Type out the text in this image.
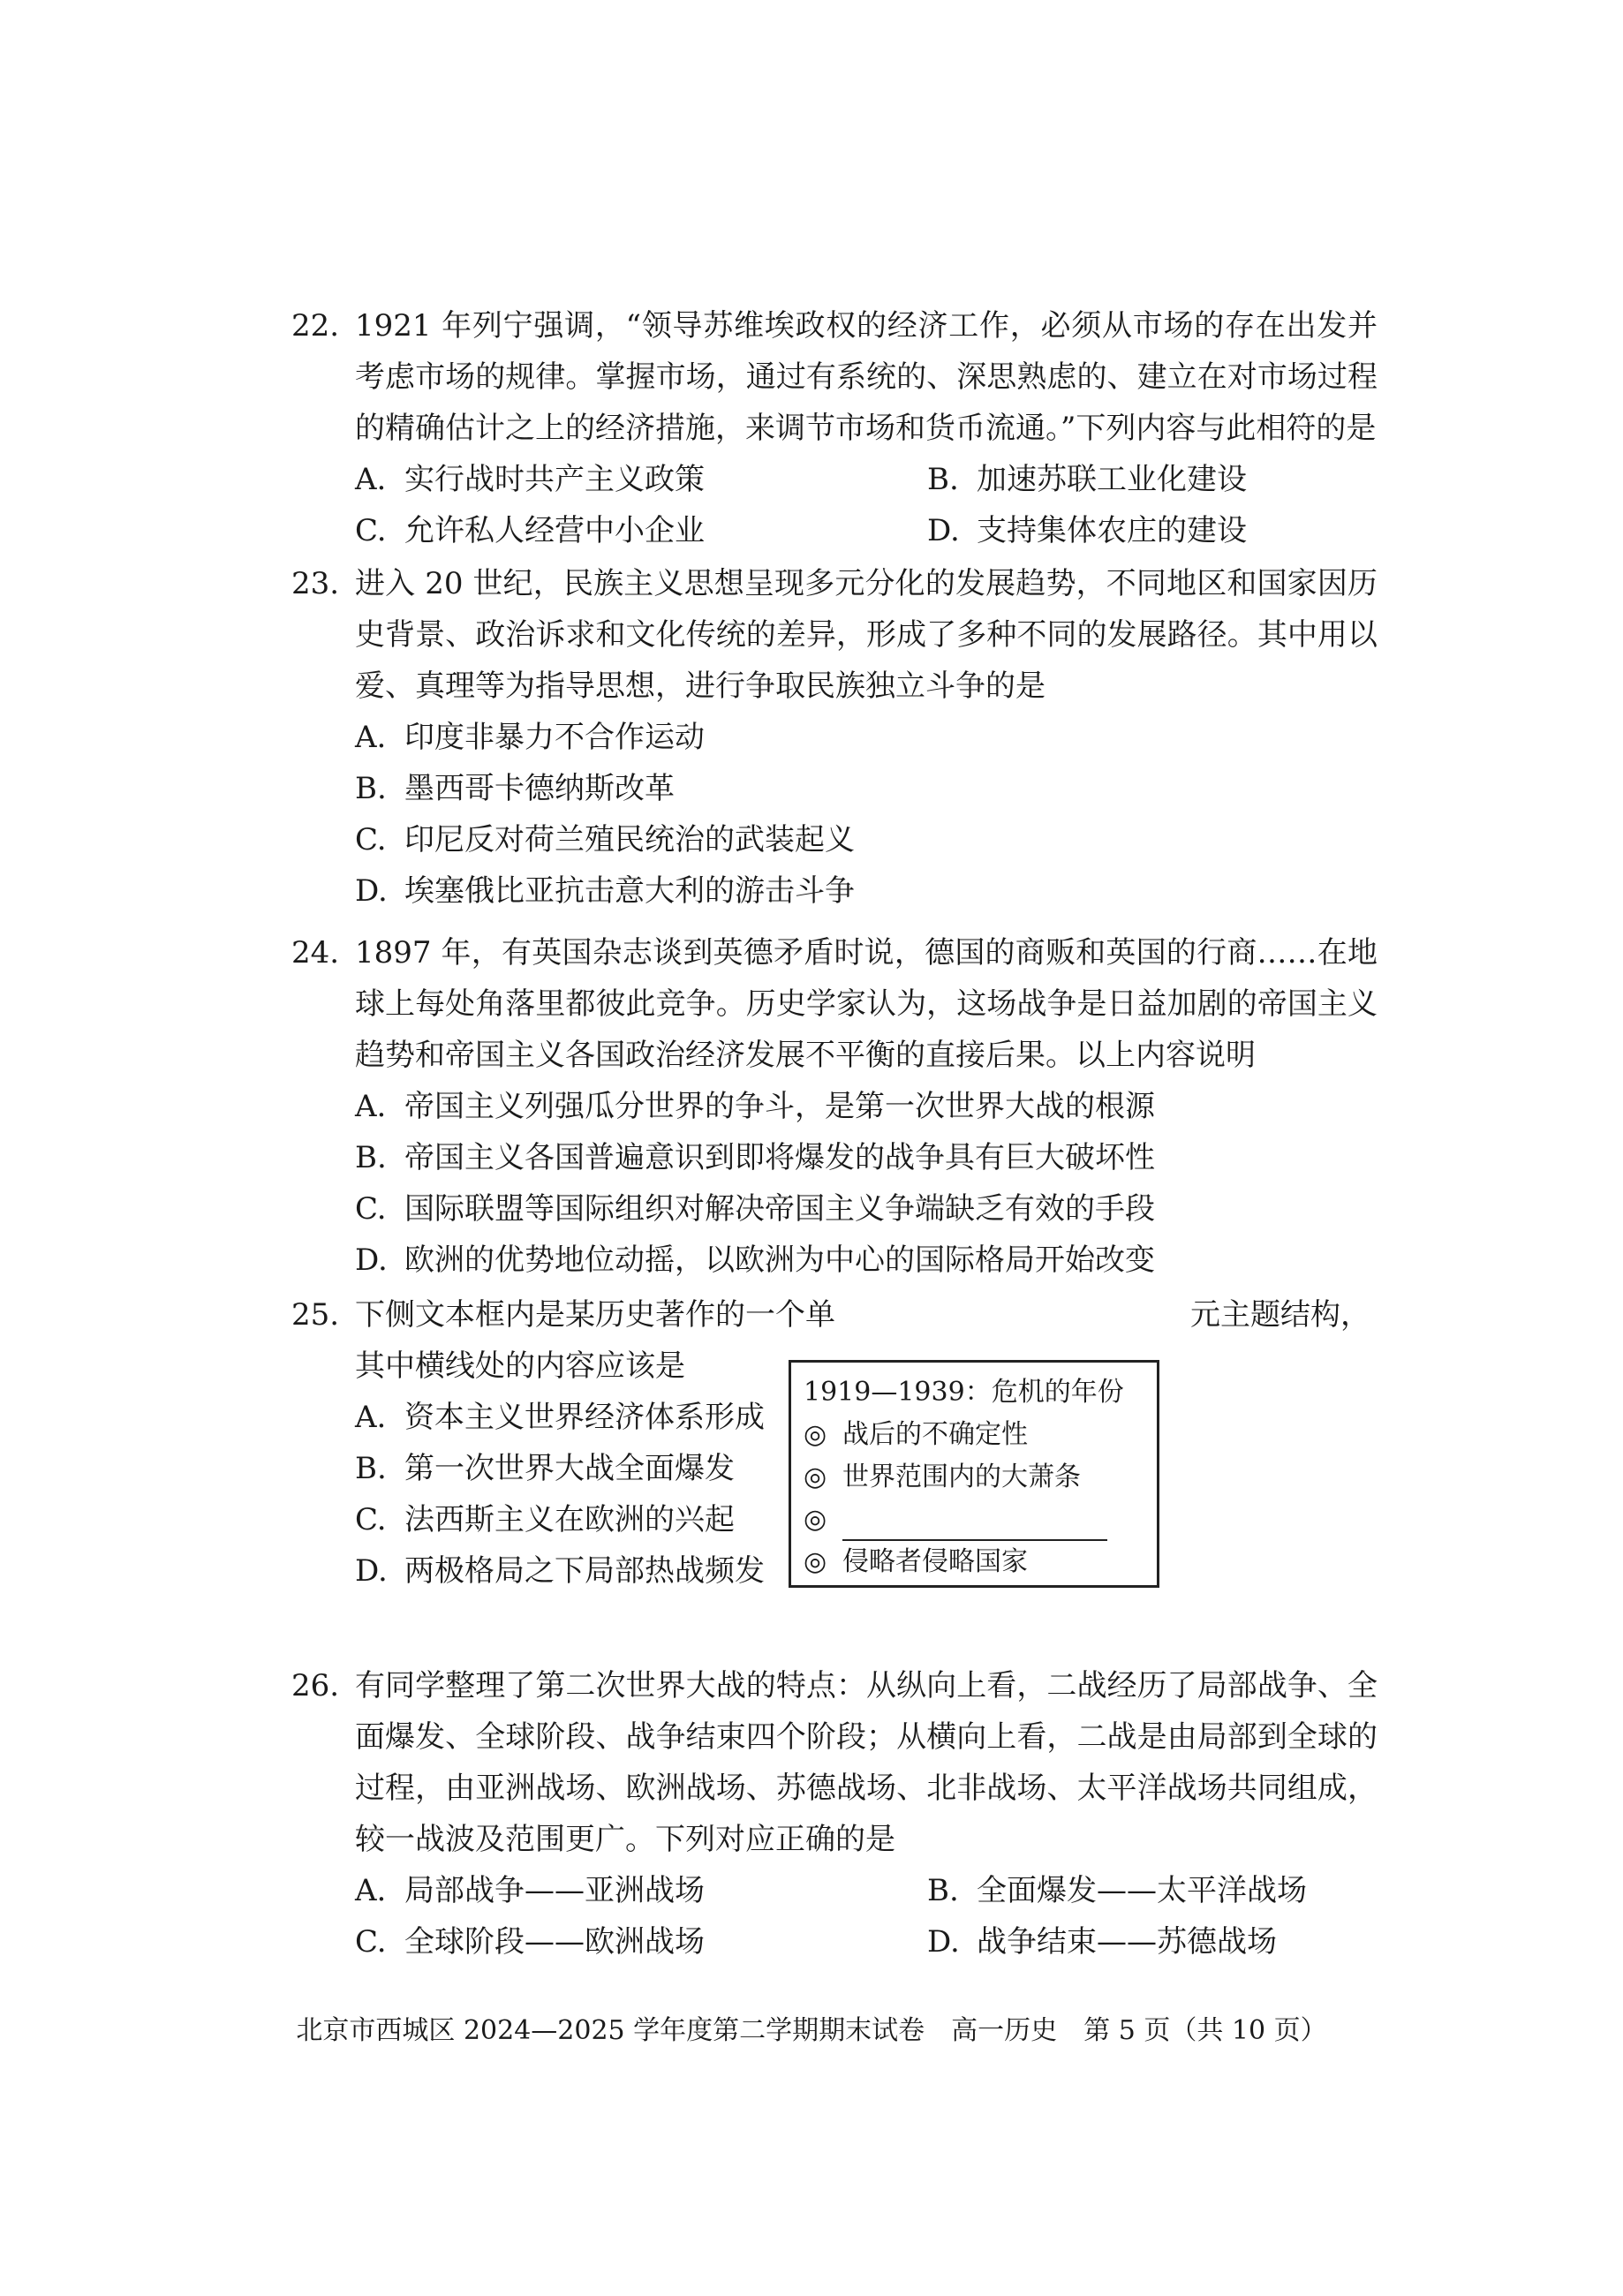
22. 1921 年列宁强调，“领导苏维埃政权的经济工作，必须从市场的存在出发并考虑市场的规律。掌握市场，通过有系统的、深思熟虑的、建立在对市场过程的精确估计之上的经济措施，来调节市场和货币流通。”下列内容与此相符的是
A. 实行战时共产主义政策	B. 加速苏联工业化建设
C. 允许私人经营中小企业	D. 支持集体农庄的建设
23. 进入 20 世纪，民族主义思想呈现多元分化的发展趋势，不同地区和国家因历史背景、政治诉求和文化传统的差异，形成了多种不同的发展路径。其中用以爱、真理等为指导思想，进行争取民族独立斗争的是
A. 印度非暴力不合作运动
B. 墨西哥卡德纳斯改革
C. 印尼反对荷兰殖民统治的武装起义
D. 埃塞俄比亚抗击意大利的游击斗争
24. 1897 年，有英国杂志谈到英德矛盾时说，德国的商贩和英国的行商……在地球上每处角落里都彼此竞争。历史学家认为，这场战争是日益加剧的帝国主义趋势和帝国主义各国政治经济发展不平衡的直接后果。以上内容说明
A. 帝国主义列强瓜分世界的争斗，是第一次世界大战的根源
B. 帝国主义各国普遍意识到即将爆发的战争具有巨大破坏性
C. 国际联盟等国际组织对解决帝国主义争端缺乏有效的手段
D. 欧洲的优势地位动摇，以欧洲为中心的国际格局开始改变
25. 下侧文本框内是某历史著作的一个单
其中横线处的内容应该是
A. 资本主义世界经济体系形成
B. 第一次世界大战全面爆发
C. 法西斯主义在欧洲的兴起
D. 两极格局之下局部热战频发
元主题结构，
1919—1939：危机的年份
◎ 战后的不确定性
◎ 世界范围内的大萧条
◎
◎ 侵略者侵略国家
26. 有同学整理了第二次世界大战的特点：从纵向上看，二战经历了局部战争、全面爆发、全球阶段、战争结束四个阶段；从横向上看，二战是由局部到全球的过程，由亚洲战场、欧洲战场、苏德战场、北非战场、太平洋战场共同组成，较一战波及范围更广。下列对应正确的是
A. 局部战争——亚洲战场	B. 全面爆发——太平洋战场
C. 全球阶段——欧洲战场	D. 战争结束——苏德战场
北京市西城区 2024—2025 学年度第二学期期末试卷　高一历史　第 5 页（共 10 页）
